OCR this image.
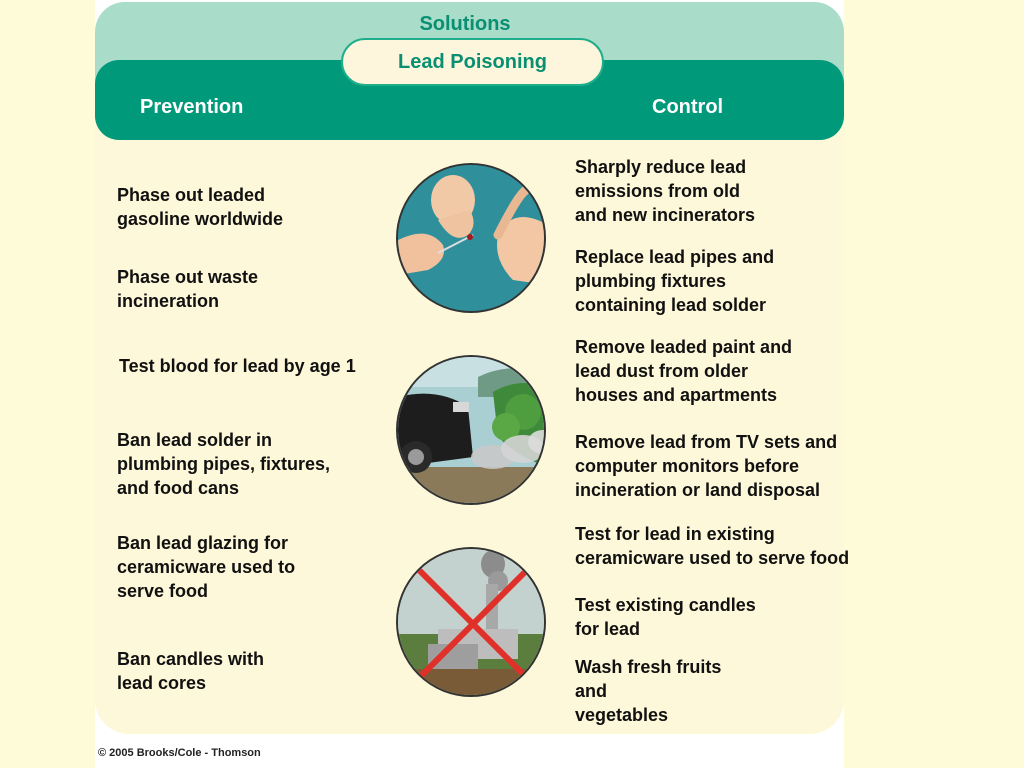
Solutions
Lead Poisoning
Prevention	Control
Phase out leaded
gasoline worldwide
Phase out waste
incineration
Test blood for lead by age 1
Ban lead solder in
plumbing pipes, fixtures,
and food cans
Ban lead glazing for
ceramicware used to
serve food
Ban candles with
lead cores
Sharply reduce lead
emissions from old
and new incinerators
Replace lead pipes and
plumbing fixtures
containing lead solder
Remove leaded paint and
lead dust from older
houses and apartments
Remove lead from TV sets and
computer monitors before
incineration or land disposal
Test for lead in existing
ceramicware used to serve food
Test existing candles
for lead
Wash fresh fruits
and
vegetables
© 2005 Brooks/Cole - Thomson
